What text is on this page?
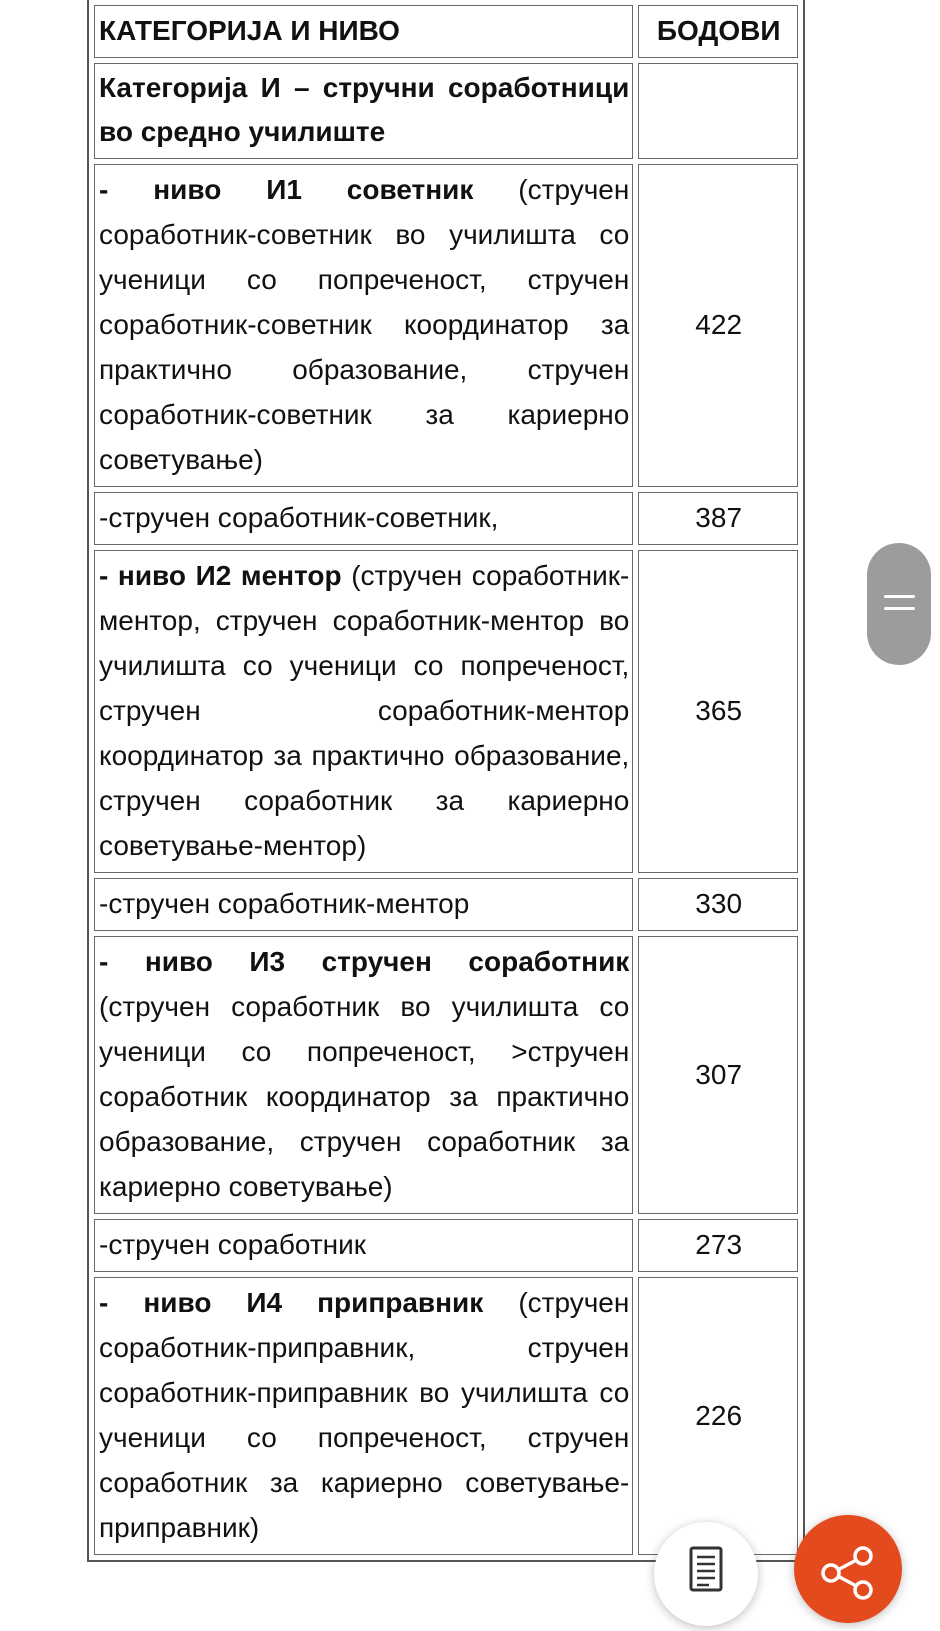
КАТЕГОРИЈА И НИВО	БОДОВИ
Категорија И – стручни соработници во средно училиште	
- ниво И1 советник (стручен соработник-советник во училишта со ученици со попреченост, стручен соработник-советник координатор за практично образование, стручен соработник-советник за кариерно советување)	422
-стручен соработник-советник,	387
- ниво И2 ментор (стручен соработник-ментор, стручен соработник-ментор во училишта со ученици со попреченост, стручен соработник-ментор координатор за практично образование, стручен соработник за кариерно советување-ментор)	365
-стручен соработник-ментор	330
- ниво И3 стручен соработник (стручен соработник во училишта со ученици со попреченост, >стручен соработник координатор за практично образование, стручен соработник за кариерно советување)	307
-стручен соработник	273
- ниво И4 приправник (стручен соработник-приправник, стручен соработник-приправник во училишта со ученици со попреченост, стручен соработник за кариерно советување-приправник)	226
